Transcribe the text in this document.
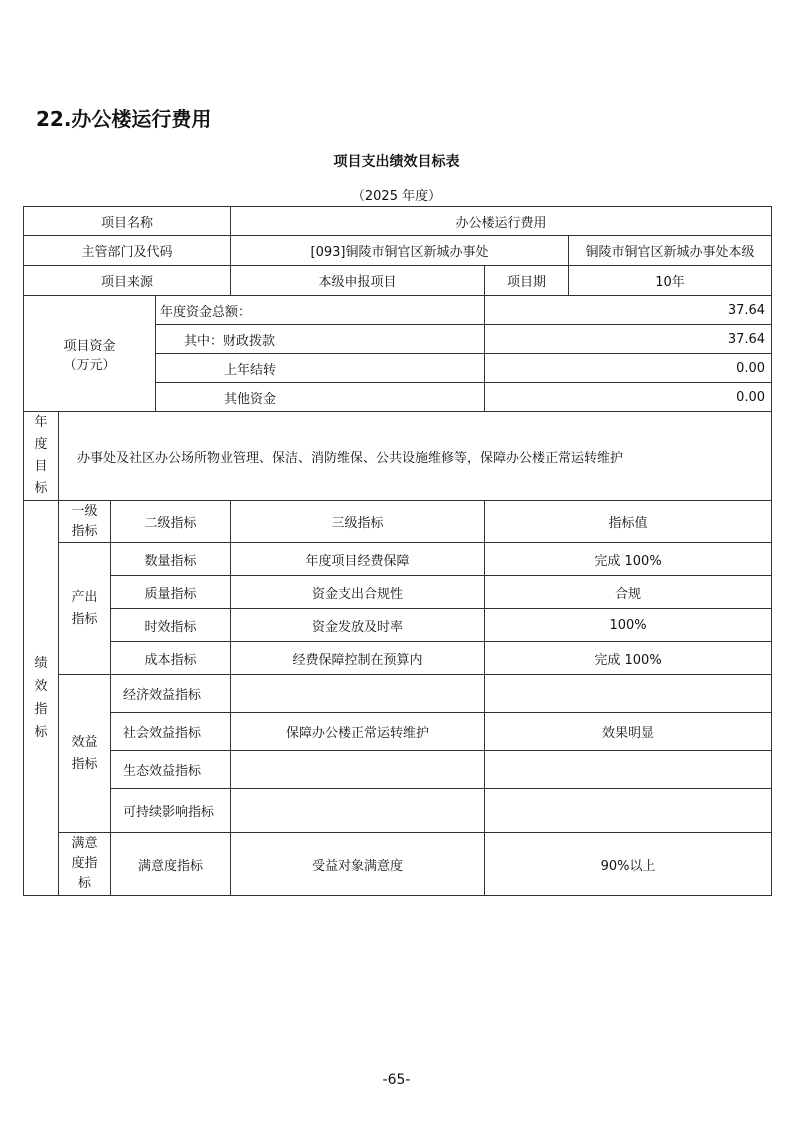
22.办公楼运行费用
项目支出绩效目标表
（2025 年度）
项目名称				办公楼运行费用		
主管部门及代码				[093]铜陵市铜官区新城办事处		铜陵市铜官区新城办事处本级
项目来源				本级申报项目	项目期	10年

项目资金
（万元）			年度资金总额：		37.64	
			其中：财政拨款		37.64	
			上年结转		0.00	
			其他资金		0.00	

年度目标	办事处及社区办公场所物业管理、保洁、消防维保、公共设施维修等，保障办公楼正常运转维护					

绩效指标	一级指标	二级指标		三级指标	指标值	

	产出指标	数量指标		年度项目经费保障	完成 100%	
		质量指标		资金支出合规性	合规	
		时效指标		资金发放及时率	100%	
		成本指标		经费保障控制在预算内	完成 100%	

	效益指标	经济效益指标				
		社会效益指标		保障办公楼正常运转维护	效果明显	
		生态效益指标				
		可持续影响指标				

	满意度指标	满意度指标		受益对象满意度	90%以上	
-65-
